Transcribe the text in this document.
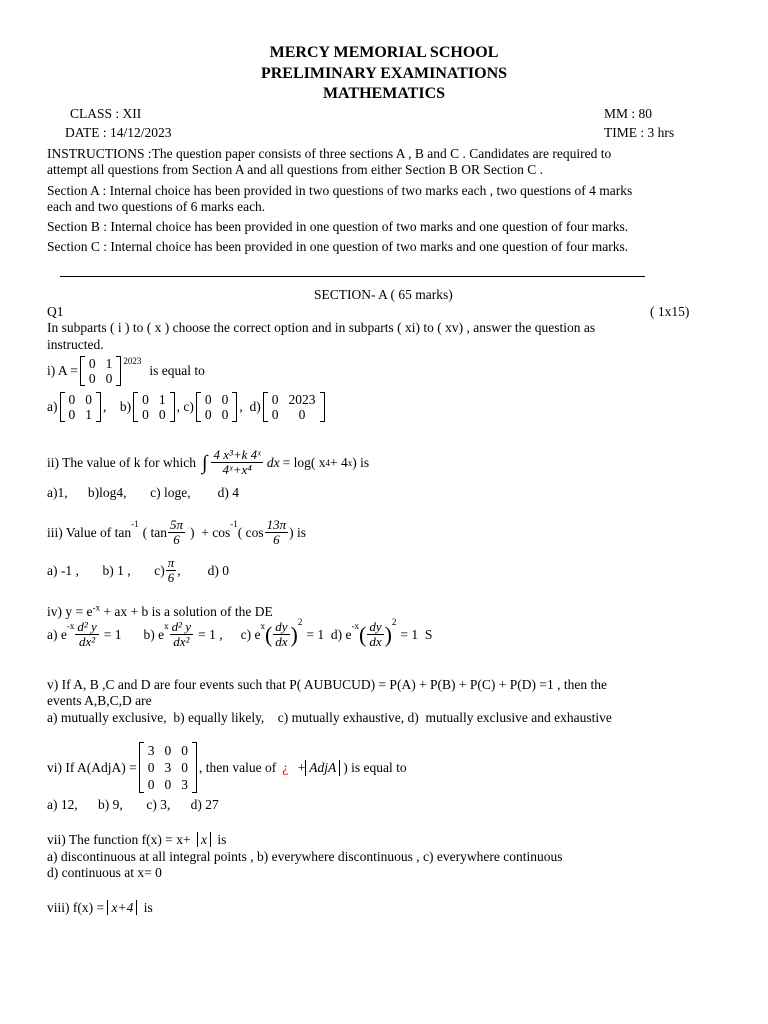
MERCY MEMORIAL SCHOOL
PRELIMINARY EXAMINATIONS
MATHEMATICS
CLASS : XII	MM : 80
DATE : 14/12/2023	TIME : 3 hrs
INSTRUCTIONS :The question paper consists of three sections A , B and C . Candidates are required to
attempt all questions from Section A and all questions from either Section B OR Section C .
Section A : Internal choice has been provided in two questions of two marks each , two questions of 4 marks
each and two questions of 6 marks each.
Section B : Internal choice has been provided in one question of two marks and one question of four marks.
Section C : Internal choice has been provided in one question of two marks and one question of four marks.
SECTION- A ( 65 marks)
Q1	( 1x15)
In subparts ( i ) to ( x ) choose the correct option and in subparts ( xi) to ( xv) , answer the question as
instructed.
i) A = 0 1
0 0
$^{2023}$
is equal to
a) 0 0
0 1
,    b) 0 1
0 0
, c) 0 0
0 0
,  d) 0 2023
0	0
ii) The value of k for which ∫ $\frac{\text{4 x³+k 4ˣ}}{\text{4ˣ+x⁴}}$ dx = log( x 4 + 4 x ) is
a)1,      b)log4,       c) loge,        d) 4
iii) Value of tan
-1
( $\tan \frac{5\pi}{6}$ )  + cos
-1
( $\cos \frac{13\pi}{6}$ ) is
a) -1 ,       b) 1 ,       $c) \frac{\pi}{6}$ ,        d) 0
iv) $y = e^{-x}$ + ax + b is a solution of the DE
a) e
$-x \frac{\text{d² y}}{\text{dx²}} = 1$ b) e
x $\frac{\text{d² y}}{\text{dx²}} = 1$ , c) e
x ( $\frac{dy}{dx}$ ) 2
= 1  d) e
-x ( $\frac{dy}{dx}$ ) 2
= 1  S
v) If A, B ,C and D are four events such that P( AUBUCUD) = P(A) + P(B) + P(C) + P(D) =1 , then the
events A,B,C,D are
a) mutually exclusive,  b) equally likely,    c) mutually exhaustive, d)  mutually exclusive and exhaustive
vi) If A(AdjA) =
3 0 0
0 3 0
0 0 3
, then value of ¿ + AdjA ) is equal to
a) 12,      b) 9,       c) 3,      d) 27
vii) The function f(x) = x+ x is
a) discontinuous at all integral points , b) everywhere discontinuous , c) everywhere continuous
d) continuous at x= 0
viii) f(x) = x+4 is
